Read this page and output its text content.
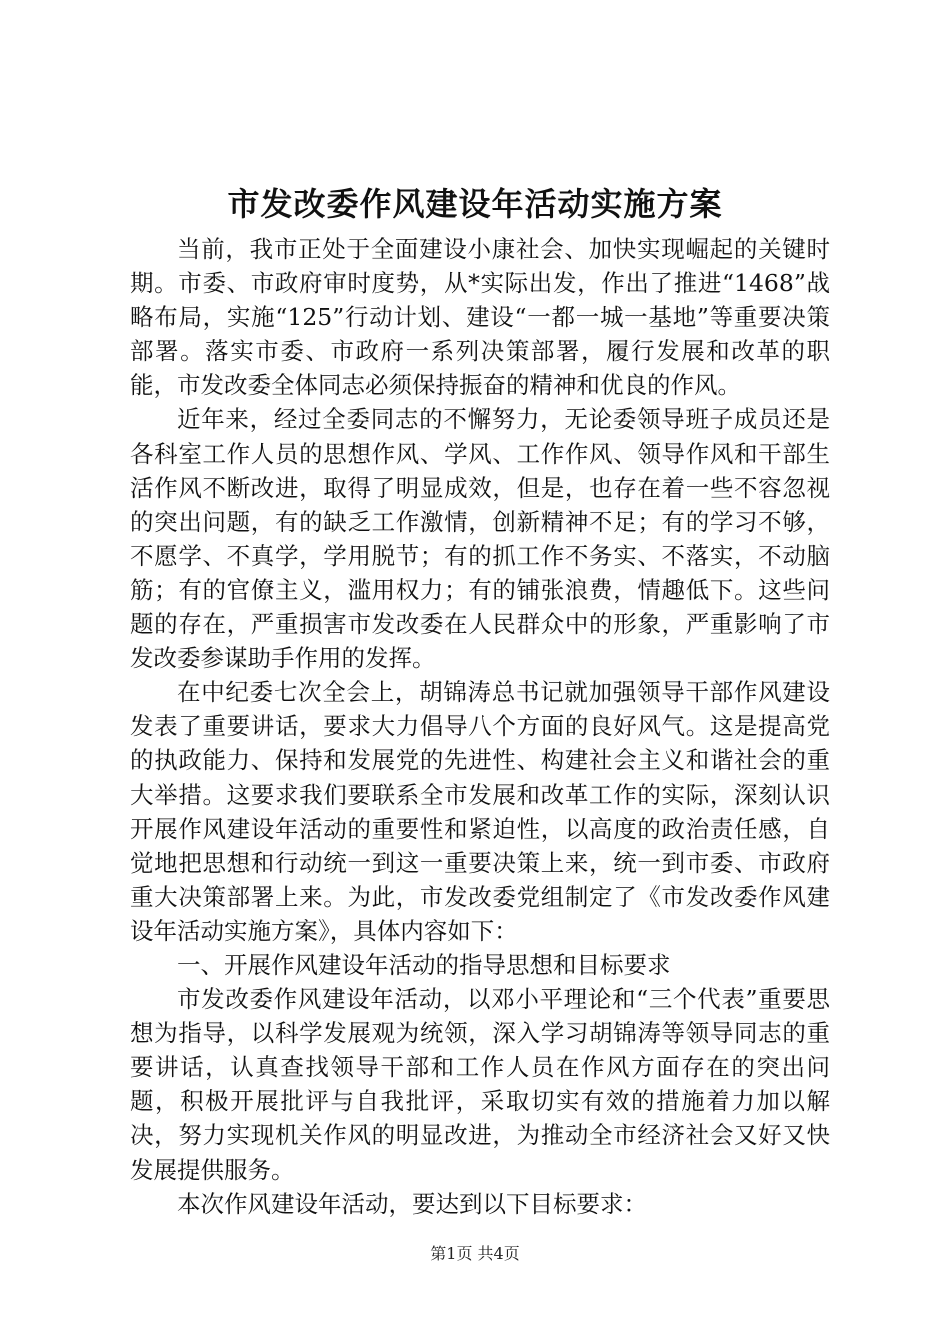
市发改委作风建设年活动实施方案

当前，我市正处于全面建设小康社会、加快实现崛起的关键时期。市委、市政府审时度势，从*实际出发，作出了推进“1468”战略布局，实施“125”行动计划、建设“一都一城一基地”等重要决策部署。落实市委、市政府一系列决策部署，履行发展和改革的职能，市发改委全体同志必须保持振奋的精神和优良的作风。

近年来，经过全委同志的不懈努力，无论委领导班子成员还是各科室工作人员的思想作风、学风、工作作风、领导作风和干部生活作风不断改进，取得了明显成效，但是，也存在着一些不容忽视的突出问题，有的缺乏工作激情，创新精神不足；有的学习不够，不愿学、不真学，学用脱节；有的抓工作不务实、不落实，不动脑筋；有的官僚主义，滥用权力；有的铺张浪费，情趣低下。这些问题的存在，严重损害市发改委在人民群众中的形象，严重影响了市发改委参谋助手作用的发挥。

在中纪委七次全会上，胡锦涛总书记就加强领导干部作风建设发表了重要讲话，要求大力倡导八个方面的良好风气。这是提高党的执政能力、保持和发展党的先进性、构建社会主义和谐社会的重大举措。这要求我们要联系全市发展和改革工作的实际，深刻认识开展作风建设年活动的重要性和紧迫性，以高度的政治责任感，自觉地把思想和行动统一到这一重要决策上来，统一到市委、市政府重大决策部署上来。为此，市发改委党组制定了《市发改委作风建设年活动实施方案》，具体内容如下：

一、开展作风建设年活动的指导思想和目标要求

市发改委作风建设年活动，以邓小平理论和“三个代表”重要思想为指导，以科学发展观为统领，深入学习胡锦涛等领导同志的重要讲话，认真查找领导干部和工作人员在作风方面存在的突出问题，积极开展批评与自我批评，采取切实有效的措施着力加以解决，努力实现机关作风的明显改进，为推动全市经济社会又好又快发展提供服务。

本次作风建设年活动，要达到以下目标要求：

第1页 共4页
